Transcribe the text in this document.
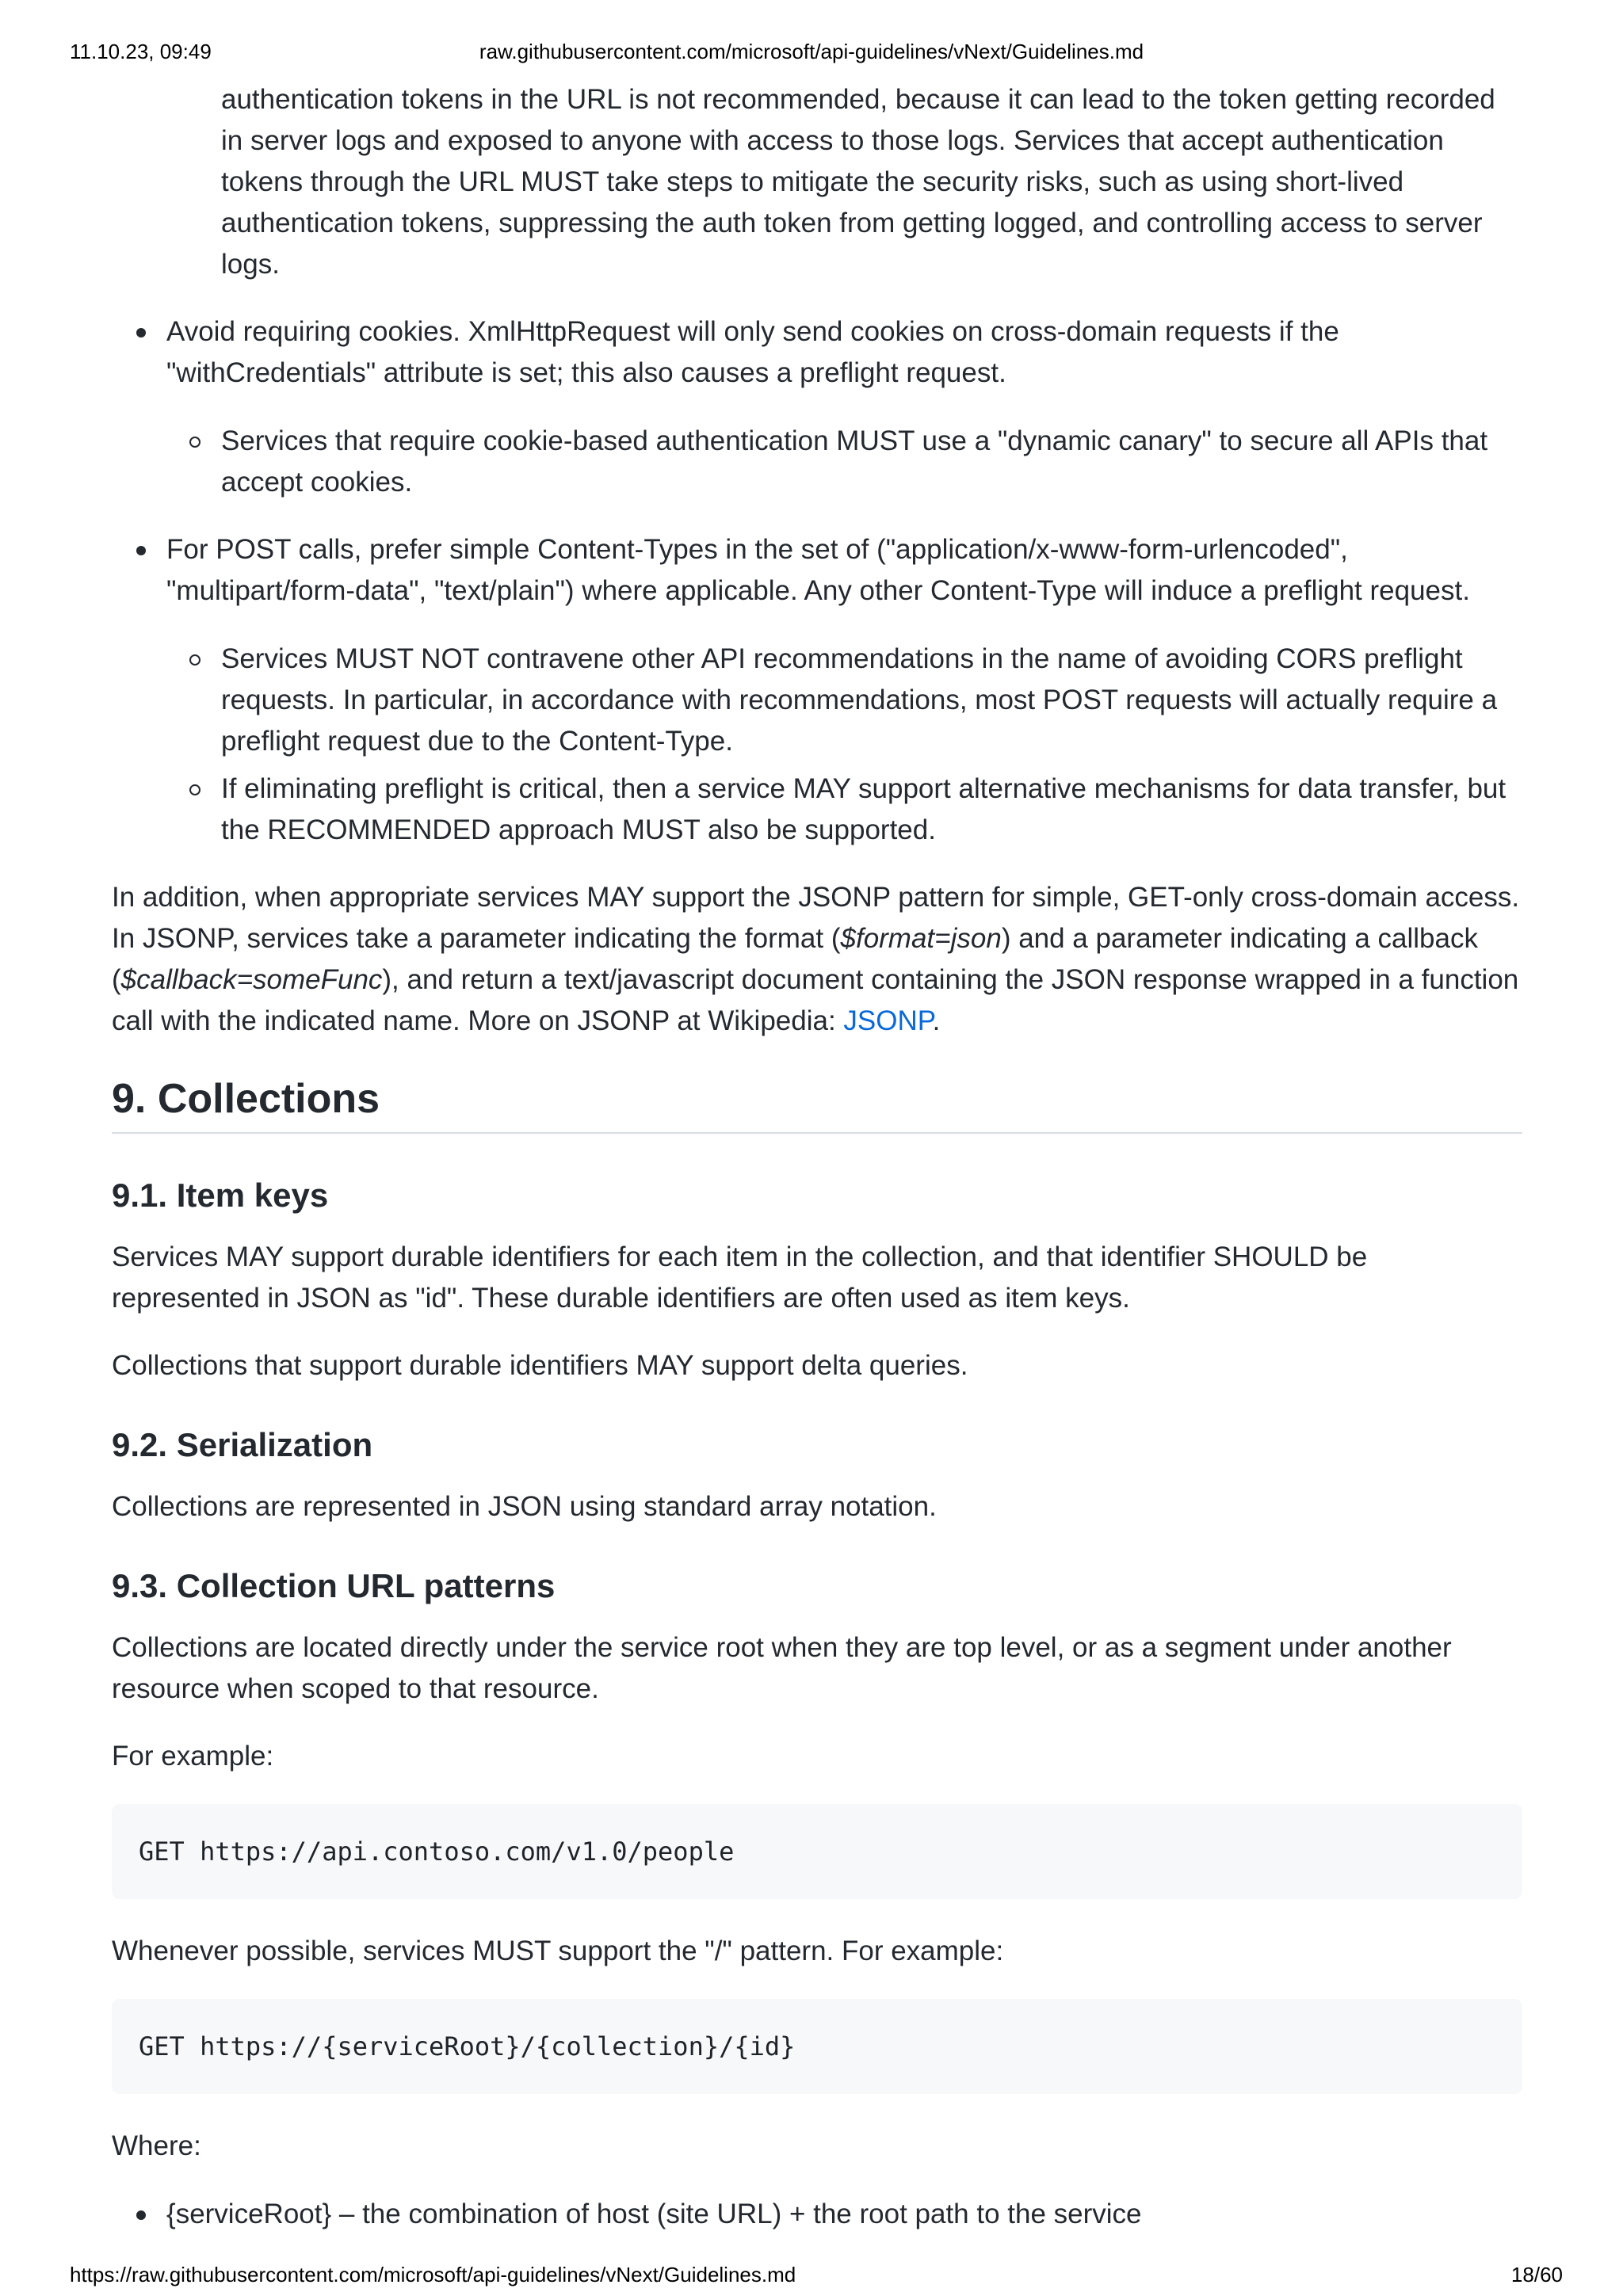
11.10.23, 09:49	raw.githubusercontent.com/microsoft/api-guidelines/vNext/Guidelines.md

authentication tokens in the URL is not recommended, because it can lead to the token getting recorded in server logs and exposed to anyone with access to those logs. Services that accept authentication tokens through the URL MUST take steps to mitigate the security risks, such as using short-lived authentication tokens, suppressing the auth token from getting logged, and controlling access to server logs.

Avoid requiring cookies. XmlHttpRequest will only send cookies on cross-domain requests if the "withCredentials" attribute is set; this also causes a preflight request.
Services that require cookie-based authentication MUST use a "dynamic canary" to secure all APIs that accept cookies.
For POST calls, prefer simple Content-Types in the set of ("application/x-www-form-urlencoded", "multipart/form-data", "text/plain") where applicable. Any other Content-Type will induce a preflight request.
Services MUST NOT contravene other API recommendations in the name of avoiding CORS preflight requests. In particular, in accordance with recommendations, most POST requests will actually require a preflight request due to the Content-Type.
If eliminating preflight is critical, then a service MAY support alternative mechanisms for data transfer, but the RECOMMENDED approach MUST also be supported.

In addition, when appropriate services MAY support the JSONP pattern for simple, GET-only cross-domain access. In JSONP, services take a parameter indicating the format ($format=json) and a parameter indicating a callback ($callback=someFunc), and return a text/javascript document containing the JSON response wrapped in a function call with the indicated name. More on JSONP at Wikipedia: JSONP.

9. Collections
9.1. Item keys

Services MAY support durable identifiers for each item in the collection, and that identifier SHOULD be represented in JSON as "id". These durable identifiers are often used as item keys.

Collections that support durable identifiers MAY support delta queries.

9.2. Serialization

Collections are represented in JSON using standard array notation.

9.3. Collection URL patterns

Collections are located directly under the service root when they are top level, or as a segment under another resource when scoped to that resource.

For example:

GET https://api.contoso.com/v1.0/people

Whenever possible, services MUST support the "/" pattern. For example:

GET https://{serviceRoot}/{collection}/{id}

Where:

{serviceRoot} – the combination of host (site URL) + the root path to the service
https://raw.githubusercontent.com/microsoft/api-guidelines/vNext/Guidelines.md	18/60
